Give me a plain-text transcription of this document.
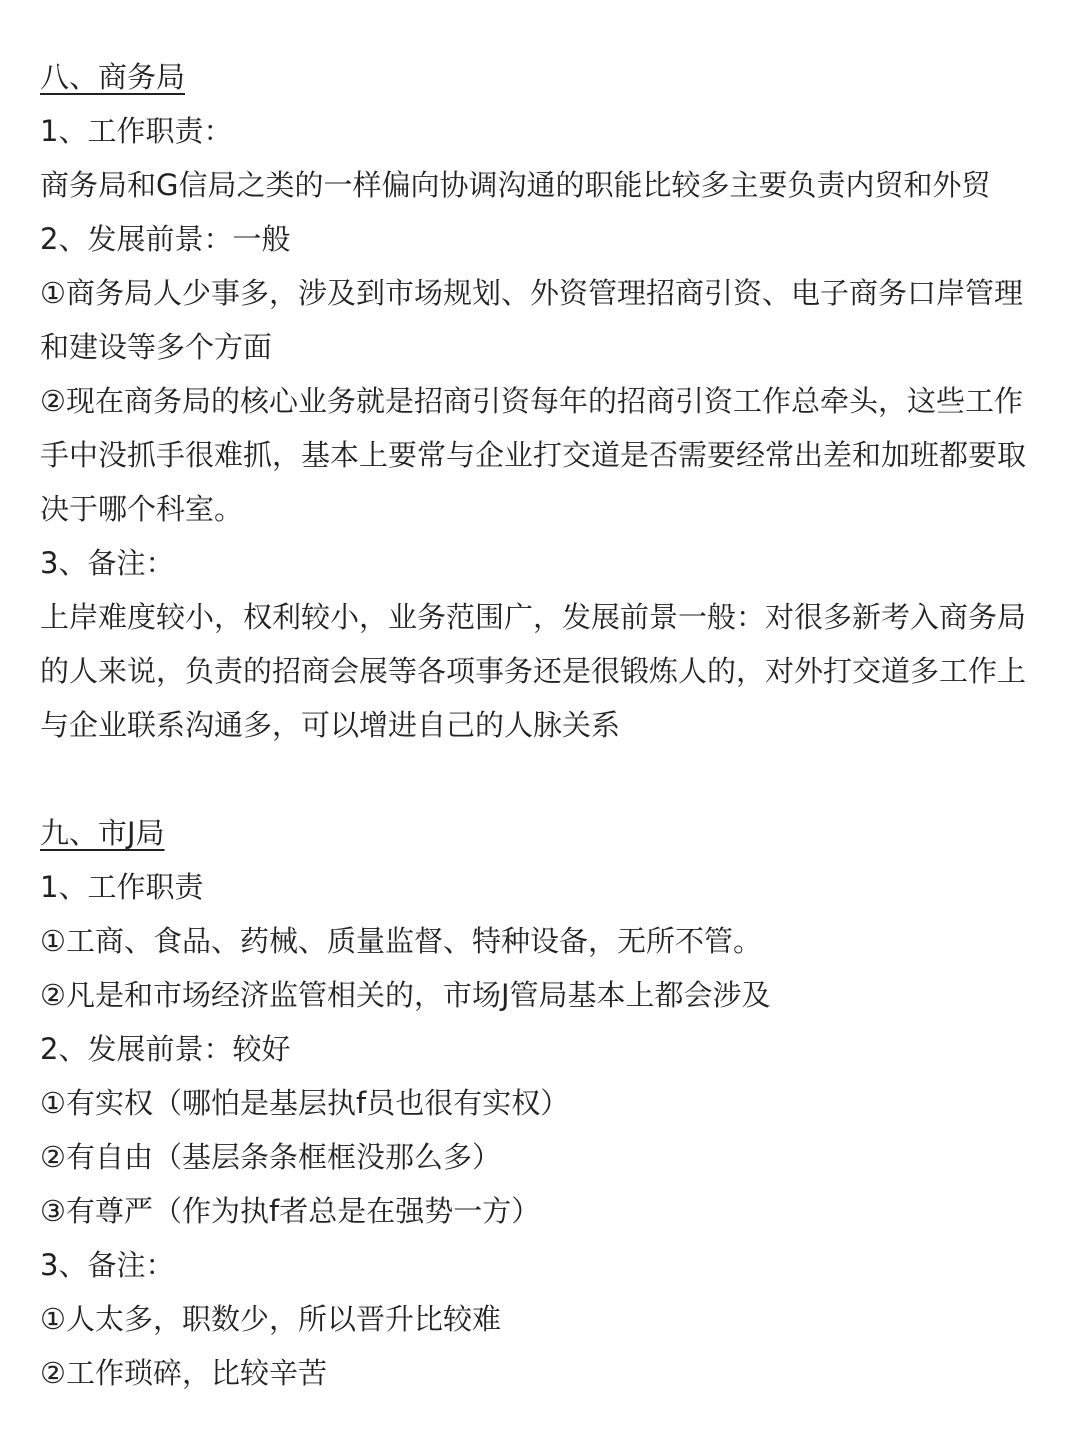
八、商务局
1、工作职责：
商务局和G信局之类的一样偏向协调沟通的职能比较多主要负责内贸和外贸
2、发展前景：一般
①商务局人少事多，涉及到市场规划、外资管理招商引资、电子商务口岸管理和建设等多个方面
②现在商务局的核心业务就是招商引资每年的招商引资工作总牵头，这些工作手中没抓手很难抓，基本上要常与企业打交道是否需要经常出差和加班都要取决于哪个科室。
3、备注：
上岸难度较小，权利较小，业务范围广，发展前景一般：对很多新考入商务局的人来说，负责的招商会展等各项事务还是很锻炼人的，对外打交道多工作上与企业联系沟通多，可以增进自己的人脉关系
九、市J局
1、工作职责
①工商、食品、药械、质量监督、特种设备，无所不管。
②凡是和市场经济监管相关的，市场J管局基本上都会涉及
2、发展前景：较好
①有实权（哪怕是基层执f员也很有实权）
②有自由（基层条条框框没那么多）
③有尊严（作为执f者总是在强势一方）
3、备注：
①人太多，职数少，所以晋升比较难
②工作琐碎，比较辛苦
